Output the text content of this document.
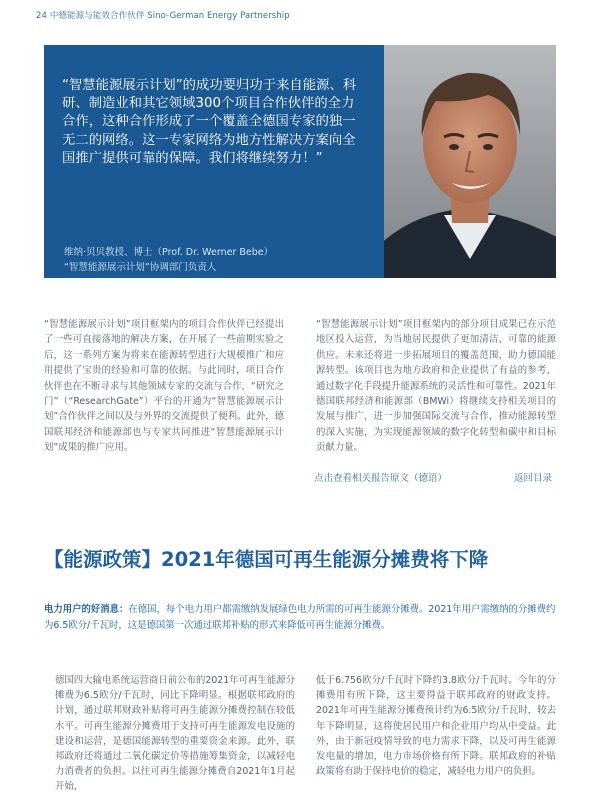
24 中德能源与能效合作伙伴 Sino-German Energy Partnership

“智慧能源展示计划”的成功要归功于来自能源、科研、制造业和其它领域300个项目合作伙伴的全力合作，这种合作形成了一个覆盖全德国专家的独一无二的网络。这一专家网络为地方性解决方案向全国推广提供可靠的保障。我们将继续努力！”

维纳·贝贝教授、博士（Prof. Dr. Werner Bebe）
“智慧能源展示计划”协调部门负责人

“智慧能源展示计划”项目框架内的项目合作伙伴已经提出了一些可直接落地的解决方案，在开展了一些前期实验之后，这一系列方案为将来在能源转型进行大规模推广和应用提供了宝贵的经验和可靠的依据。与此同时，项目合作伙伴也在不断寻求与其他领域专家的交流与合作，“研究之门”（“ResearchGate”）平台的开通为“智慧能源展示计划”合作伙伴之间以及与外界的交流提供了便利。此外，德国联邦经济和能源部也与专家共同推进“智慧能源展示计划”成果的推广应用。

“智慧能源展示计划”项目框架内的部分项目成果已在示范地区投入运营，为当地居民提供了更加清洁、可靠的能源供应。未来还将进一步拓展项目的覆盖范围，助力德国能源转型。该项目也为地方政府和企业提供了有益的参考，通过数字化手段提升能源系统的灵活性和可靠性。2021年德国联邦经济和能源部（BMWi）将继续支持相关项目的发展与推广，进一步加强国际交流与合作，推动能源转型的深入实施，为实现能源领域的数字化转型和碳中和目标贡献力量。

点击查看相关报告原文（德语）	返回目录
【能源政策】2021年德国可再生能源分摊费将下降

电力用户的好消息：在德国，每个电力用户都需缴纳发展绿色电力所需的可再生能源分摊费。2021年用户需缴纳的分摊费约为6.5欧分/千瓦时，这是德国第一次通过联邦补贴的形式来降低可再生能源分摊费。

德国四大输电系统运营商日前公布的2021年可再生能源分摊费为6.5欧分/千瓦时，同比下降明显。根据联邦政府的计划，通过联邦财政补贴将可再生能源分摊费控制在较低水平。可再生能源分摊费用于支持可再生能源发电设施的建设和运营，是德国能源转型的重要资金来源。此外，联邦政府还将通过二氧化碳定价等措施筹集资金，以减轻电力消费者的负担。以往可再生能源分摊费自2021年1月起开始，

低于6.756欧分/千瓦时下降约3.8欧分/千瓦时。今年的分摊费用有所下降，这主要得益于联邦政府的财政支持。2021年可再生能源分摊费预计约为6.5欧分/千瓦时，较去年下降明显，这将使居民用户和企业用户均从中受益。此外，由于新冠疫情导致的电力需求下降，以及可再生能源发电量的增加，电力市场价格有所下降。联邦政府的补贴政策将有助于保持电价的稳定，减轻电力用户的负担。
